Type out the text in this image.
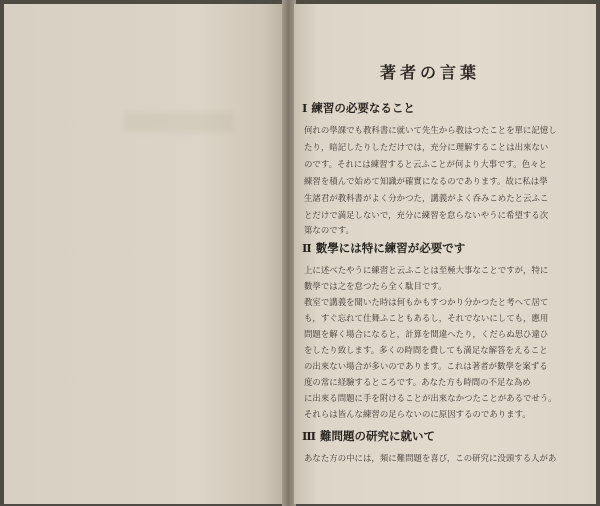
著者の言葉
Ⅰ 練習の必要なること
何れの學課でも教科書に就いて先生から教はつたことを單に記憶し
たり，暗記したりしただけでは，充分に理解することは出來ない
のです。それには練習すると云ふことが何より大事です。色々と
練習を積んで始めて知識が確實になるのであります。故に私は學
生諸君が教科書がよく分かつた，講義がよく呑みこめたと云ふこ
とだけで満足しないで，充分に練習を怠らないやうに希望する次
第なのです。
Ⅱ 數學には特に練習が必要です
上に述べたやうに練習と云ふことは至極大事なことですが，特に
數學では之を怠つたら全く駄目です。
教室で講義を聞いた時は何もかもすつかり分かつたと考へて居て
も，すぐ忘れて仕舞ふこともあるし，それでないにしても，應用
問題を解く場合になると，計算を間違へたり，くだらぬ思ひ違ひ
をしたり致します。多くの時間を費しても満足な解答をえること
の出來ない場合が多いのであります。これは著者が數學を案ずる
度の常に経驗するところです。あなた方も時間の不足な為め
に出來る問題に手を附けることが出來なかつたことがあるでせう。
それらは皆んな練習の足らないのに原因するのであります。
Ⅲ 難問題の研究に就いて
あなた方の中には，頻に難問題を喜び，この研究に没頭する人があ
